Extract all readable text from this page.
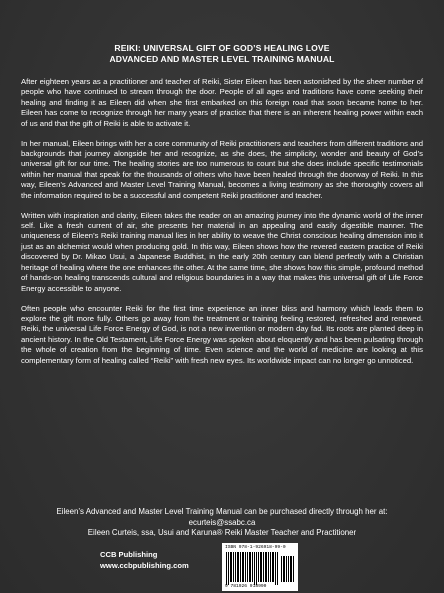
REIKI: UNIVERSAL GIFT OF GOD’S HEALING LOVE
ADVANCED AND MASTER LEVEL TRAINING MANUAL

After eighteen years as a practitioner and teacher of Reiki, Sister Eileen has been astonished by the sheer number of people who have continued to stream through the door. People of all ages and traditions have come seeking their healing and finding it as Eileen did when she first embarked on this foreign road that soon became home to her. Eileen has come to recognize through her many years of practice that there is an inherent healing power within each of us and that the gift of Reiki is able to activate it.

In her manual, Eileen brings with her a core community of Reiki practitioners and teachers from different traditions and backgrounds that journey alongside her and recognize, as she does, the simplicity, wonder and beauty of God’s universal gift for our time. The healing stories are too numerous to count but she does include specific testimonials within her manual that speak for the thousands of others who have been healed through the doorway of Reiki. In this way, Eileen’s Advanced and Master Level Training Manual, becomes a living testimony as she thoroughly covers all the information required to be a successful and competent Reiki practitioner and teacher.

Written with inspiration and clarity, Eileen takes the reader on an amazing journey into the dynamic world of the inner self. Like a fresh current of air, she presents her material in an appealing and easily digestible manner. The uniqueness of Eileen’s Reiki training manual lies in her ability to weave the Christ conscious healing dimension into it just as an alchemist would when producing gold. In this way, Eileen shows how the revered eastern practice of Reiki discovered by Dr. Mikao Usui, a Japanese Buddhist, in the early 20th century can blend perfectly with a Christian heritage of healing where the one enhances the other. At the same time, she shows how this simple, profound method of hands-on healing transcends cultural and religious boundaries in a way that makes this universal gift of Life Force Energy accessible to anyone.

Often people who encounter Reiki for the first time experience an inner bliss and harmony which leads them to explore the gift more fully. Others go away from the treatment or training feeling restored, refreshed and renewed. Reiki, the universal Life Force Energy of God, is not a new invention or modern day fad. Its roots are planted deep in ancient history. In the Old Testament, Life Force Energy was spoken about eloquently and has been pulsating through the whole of creation from the beginning of time. Even science and the world of medicine are looking at this complementary form of healing called “Reiki” with fresh new eyes. Its worldwide impact can no longer go unnoticed.

Eileen’s Advanced and Master Level Training Manual can be purchased directly through her at:
ecurteis@ssabc.ca
Eileen Curteis, ssa, Usui and Karuna® Reiki Master Teacher and Practitioner
CCB Publishing
www.ccbpublishing.com
ISBN 978-1-926918-99-0
9 781926 918990
